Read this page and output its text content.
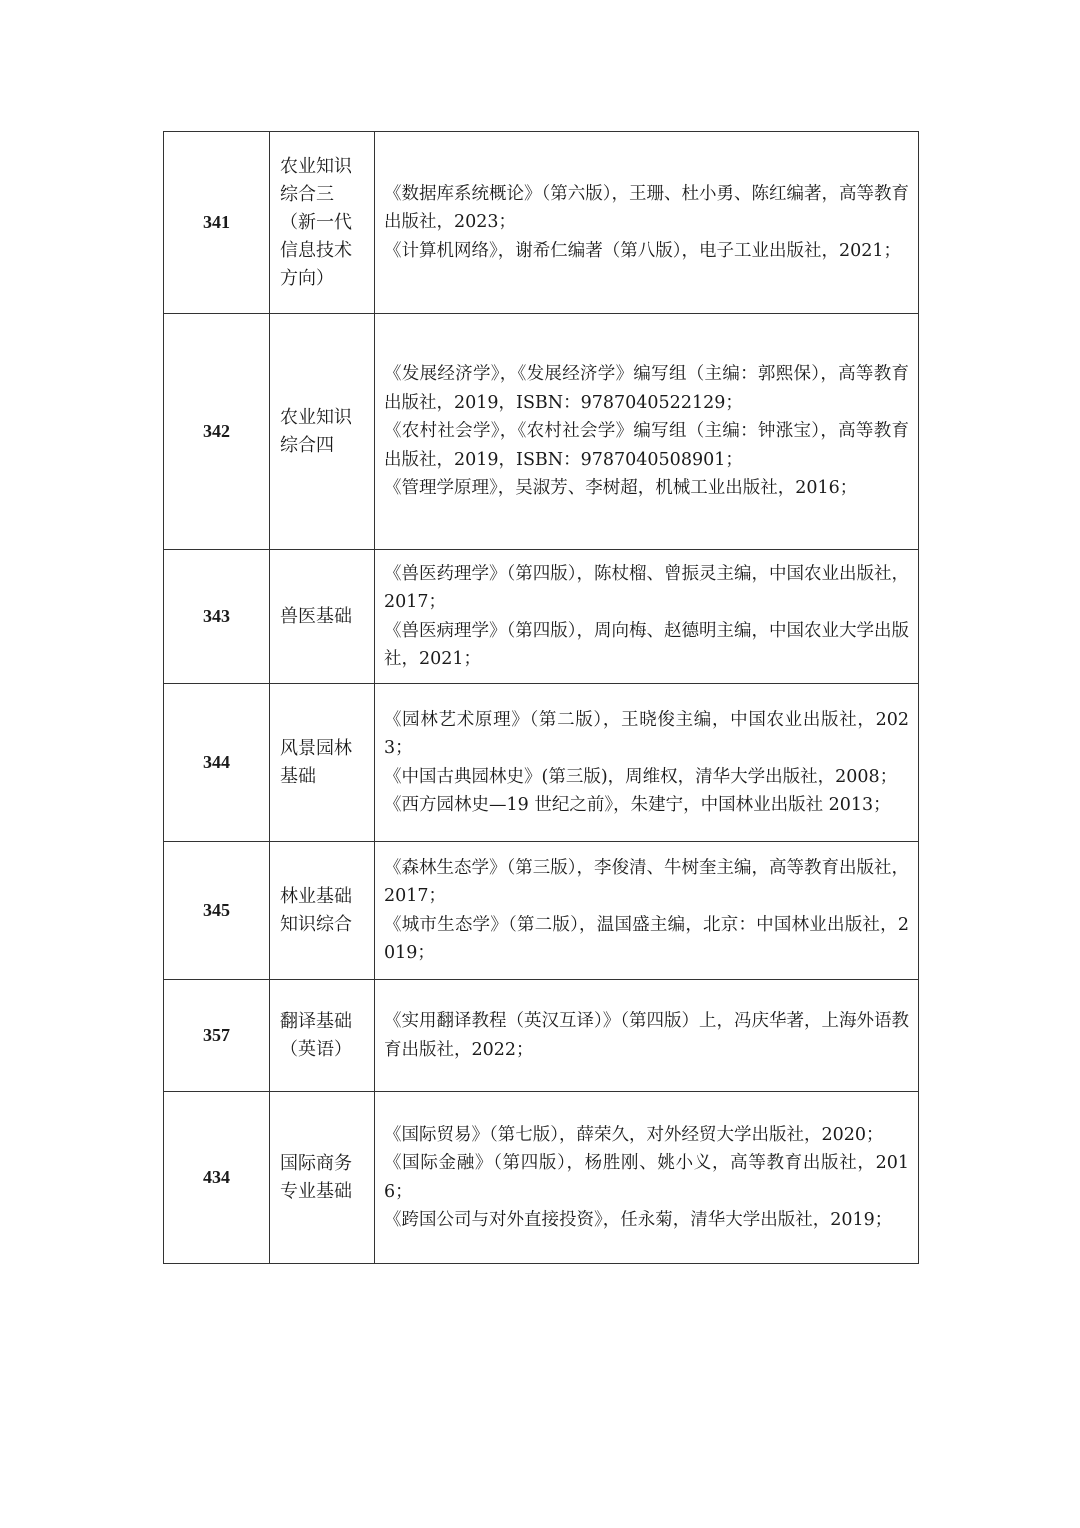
341	农业知识综合三（新一代信息技术方向）	《数据库系统概论》（第六版），王珊、杜小勇、陈红编著，高等教育出版社，2023；
《计算机网络》，谢希仁编著（第八版），电子工业出版社，2021；

342	农业知识综合四	《发展经济学》，《发展经济学》编写组（主编：郭熙保），高等教育出版社，2019，ISBN：9787040522129；
《农村社会学》，《农村社会学》编写组（主编：钟涨宝），高等教育出版社，2019，ISBN：9787040508901；
《管理学原理》，吴淑芳、李树超，机械工业出版社，2016；

343	兽医基础	《兽医药理学》（第四版），陈杖榴、曾振灵主编，中国农业出版社，2017；
《兽医病理学》（第四版），周向梅、赵德明主编，中国农业大学出版社，2021；

344	风景园林基础	《园林艺术原理》（第二版），王晓俊主编，中国农业出版社，2023；
《中国古典园林史》(第三版)，周维权，清华大学出版社，2008；
《西方园林史—19 世纪之前》，朱建宁，中国林业出版社 2013；

345	林业基础知识综合	《森林生态学》（第三版），李俊清、牛树奎主编，高等教育出版社，2017；
《城市生态学》（第二版），温国盛主编，北京：中国林业出版社，2019；

357	翻译基础（英语）	《实用翻译教程（英汉互译）》（第四版）上，冯庆华著，上海外语教育出版社，2022；

434	国际商务专业基础	《国际贸易》（第七版），薛荣久，对外经贸大学出版社，2020；
《国际金融》（第四版），杨胜刚、姚小义，高等教育出版社，2016；
《跨国公司与对外直接投资》，任永菊，清华大学出版社，2019；
